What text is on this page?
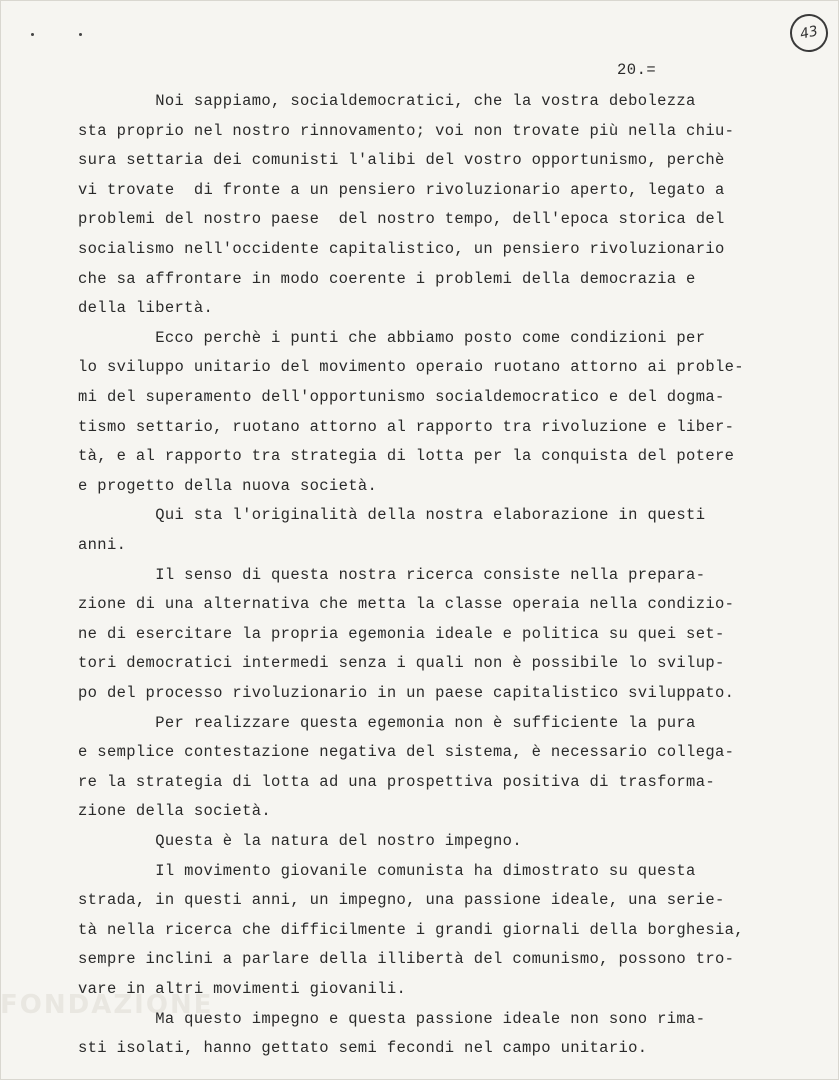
43
20.=
FONDAZIONE
Noi sappiamo, socialdemocratici, che la vostra debolezza
sta proprio nel nostro rinnovamento; voi non trovate più nella chiu-
sura settaria dei comunisti l'alibi del vostro opportunismo, perchè
vi trovate  di fronte a un pensiero rivoluzionario aperto, legato a
problemi del nostro paese  del nostro tempo, dell'epoca storica del
socialismo nell'occidente capitalistico, un pensiero rivoluzionario
che sa affrontare in modo coerente i problemi della democrazia e
della libertà.
Ecco perchè i punti che abbiamo posto come condizioni per
lo sviluppo unitario del movimento operaio ruotano attorno ai proble-
mi del superamento dell'opportunismo socialdemocratico e del dogma-
tismo settario, ruotano attorno al rapporto tra rivoluzione e liber-
tà, e al rapporto tra strategia di lotta per la conquista del potere
e progetto della nuova società.
Qui sta l'originalità della nostra elaborazione in questi
anni.
Il senso di questa nostra ricerca consiste nella prepara-
zione di una alternativa che metta la classe operaia nella condizio-
ne di esercitare la propria egemonia ideale e politica su quei set-
tori democratici intermedi senza i quali non è possibile lo svilup-
po del processo rivoluzionario in un paese capitalistico sviluppato.
Per realizzare questa egemonia non è sufficiente la pura
e semplice contestazione negativa del sistema, è necessario collega-
re la strategia di lotta ad una prospettiva positiva di trasforma-
zione della società.
Questa è la natura del nostro impegno.
Il movimento giovanile comunista ha dimostrato su questa
strada, in questi anni, un impegno, una passione ideale, una serie-
tà nella ricerca che difficilmente i grandi giornali della borghesia,
sempre inclini a parlare della illibertà del comunismo, possono tro-
vare in altri movimenti giovanili.
Ma questo impegno e questa passione ideale non sono rima-
sti isolati, hanno gettato semi fecondi nel campo unitario.
